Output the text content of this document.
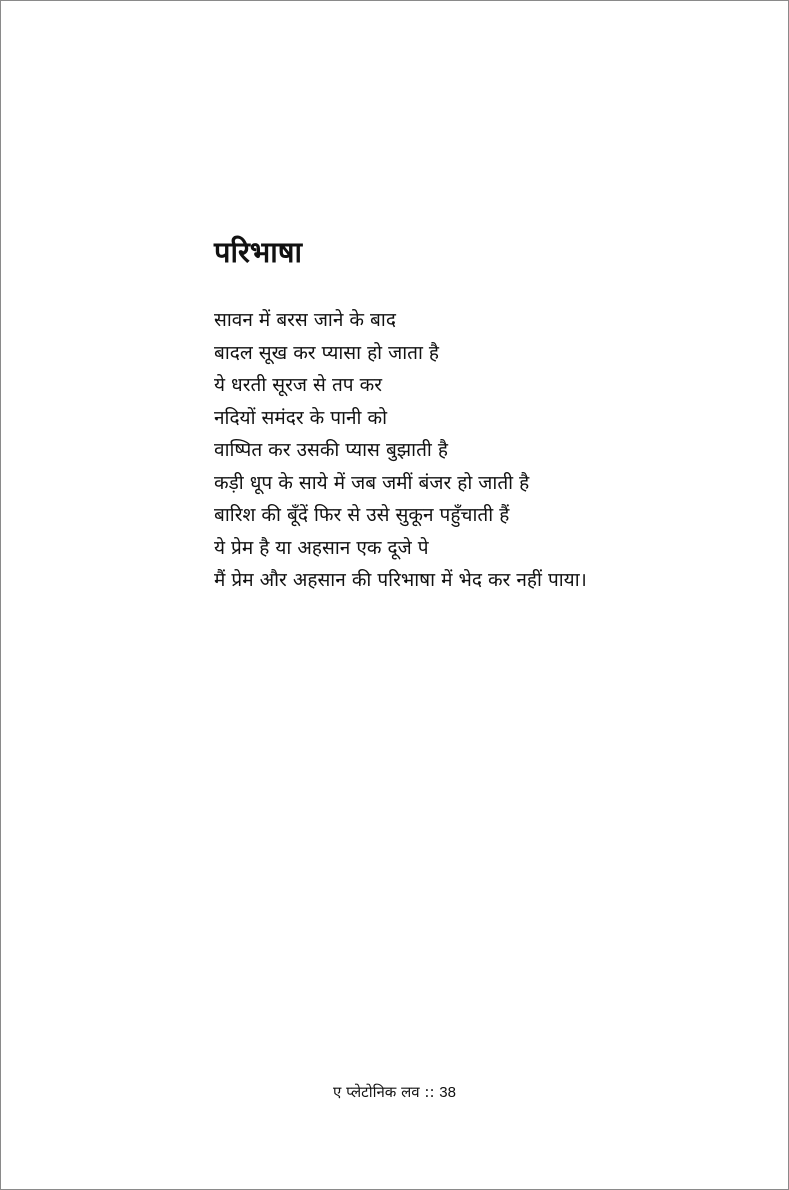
परिभाषा
सावन में बरस जाने के बाद
बादल सूख कर प्यासा हो जाता है
ये धरती सूरज से तप कर
नदियों समंदर के पानी को
वाष्पित कर उसकी प्यास बुझाती है
कड़ी धूप के साये में जब जमीं बंजर हो जाती है
बारिश की बूँदें फिर से उसे सुकून पहुँचाती हैं
ये प्रेम है या अहसान एक दूजे पे
मैं प्रेम और अहसान की परिभाषा में भेद कर नहीं पाया।
ए प्लेटोनिक लव :: 38
